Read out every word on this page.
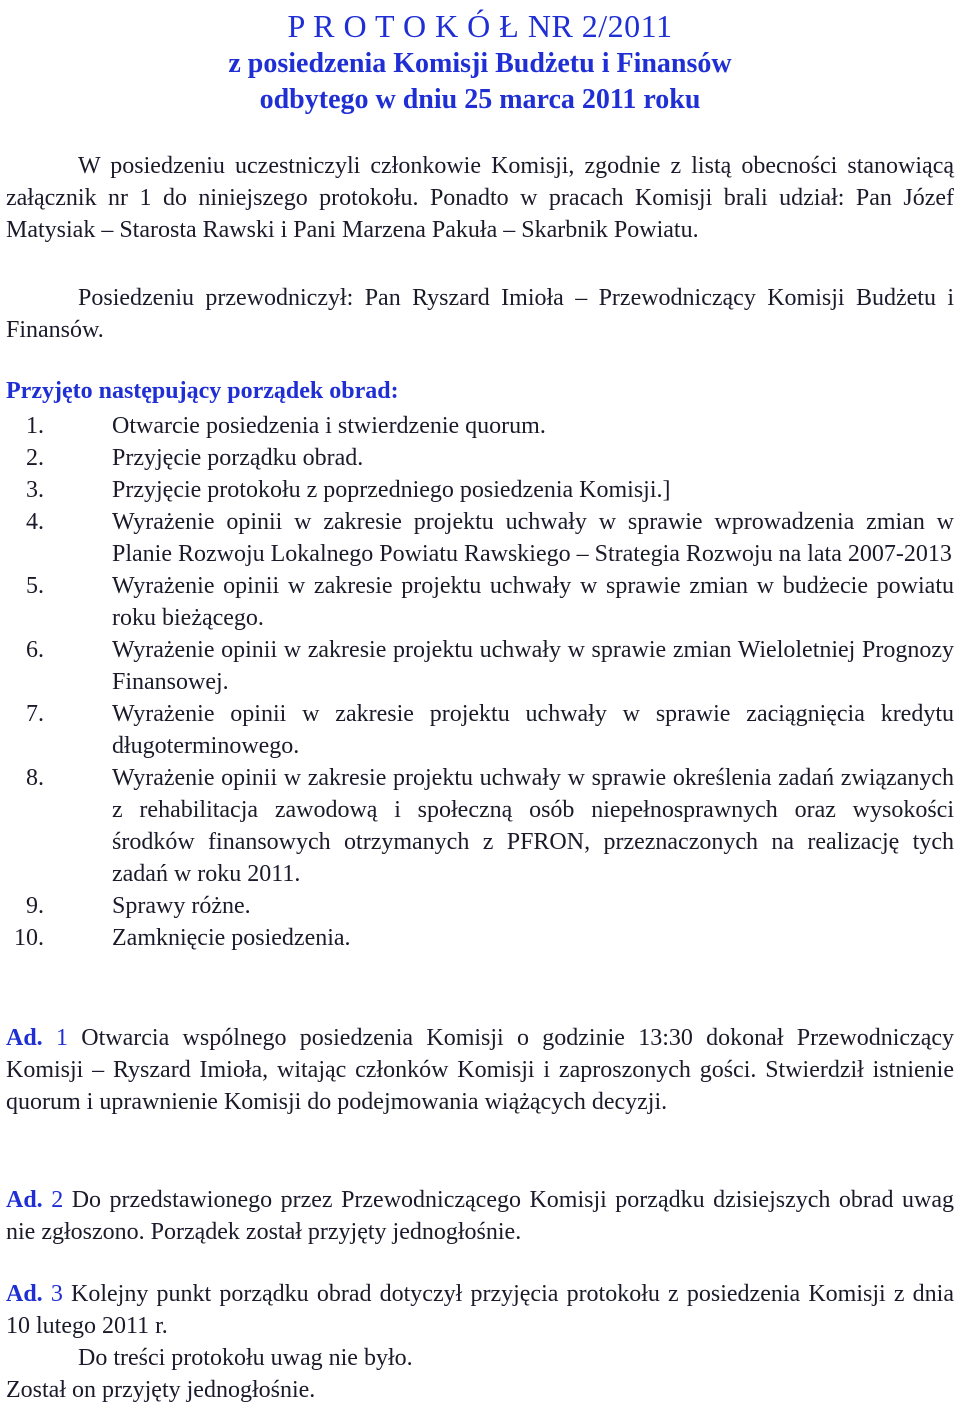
P R O T O K Ó Ł NR 2/2011
z posiedzenia Komisji Budżetu i Finansów
odbytego w dniu 25 marca 2011 roku

W posiedzeniu uczestniczyli członkowie Komisji, zgodnie z listą obecności stanowiącą załącznik nr 1 do niniejszego protokołu. Ponadto w pracach Komisji brali udział: Pan Józef Matysiak – Starosta Rawski i Pani Marzena Pakuła – Skarbnik Powiatu.

Posiedzeniu przewodniczył: Pan Ryszard Imioła – Przewodniczący Komisji Budżetu i Finansów.

Przyjęto następujący porządek obrad:
1.	Otwarcie posiedzenia i stwierdzenie quorum.
2.	Przyjęcie porządku obrad.
3.	Przyjęcie protokołu z poprzedniego posiedzenia Komisji.]
4.	Wyrażenie opinii w zakresie projektu uchwały w sprawie wprowadzenia zmian w Planie Rozwoju Lokalnego Powiatu Rawskiego – Strategia Rozwoju na lata 2007-2013
5.	Wyrażenie opinii w zakresie projektu uchwały w sprawie zmian w budżecie powiatu roku bieżącego.
6.	Wyrażenie opinii w zakresie projektu uchwały w sprawie zmian Wieloletniej Prognozy Finansowej.
7.	Wyrażenie opinii w zakresie projektu uchwały w sprawie zaciągnięcia kredytu długoterminowego.
8.	Wyrażenie opinii w zakresie projektu uchwały w sprawie określenia zadań związanych z rehabilitacja zawodową i społeczną osób niepełnosprawnych oraz wysokości środków finansowych otrzymanych z PFRON, przeznaczonych na realizację tych zadań w roku 2011.
9.	Sprawy różne.
10.	Zamknięcie posiedzenia.

Ad. 1 Otwarcia wspólnego posiedzenia Komisji o godzinie 13:30 dokonał Przewodniczący Komisji – Ryszard Imioła, witając członków Komisji i zaproszonych gości. Stwierdził istnienie quorum i uprawnienie Komisji do podejmowania wiążących decyzji.

Ad. 2 Do przedstawionego przez Przewodniczącego Komisji porządku dzisiejszych obrad uwag nie zgłoszono. Porządek został przyjęty jednogłośnie.

Ad. 3 Kolejny punkt porządku obrad dotyczył przyjęcia protokołu z posiedzenia Komisji z dnia 10 lutego 2011 r.
Do treści protokołu uwag nie było.
Został on przyjęty jednogłośnie.
